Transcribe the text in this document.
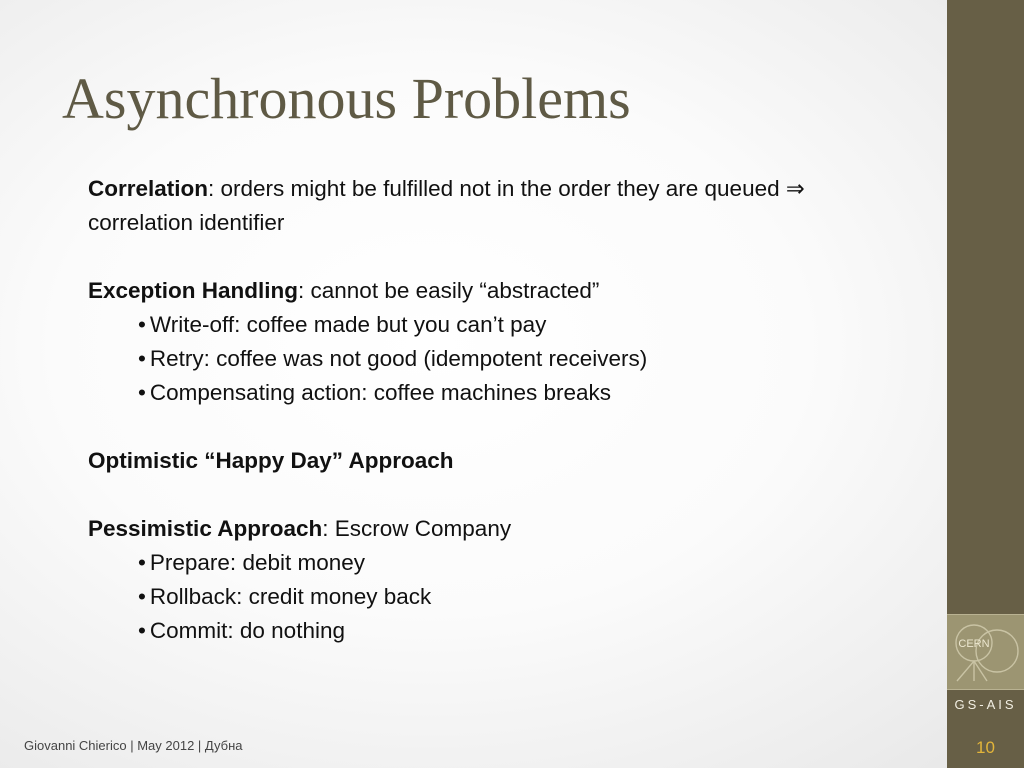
Asynchronous Problems

Correlation: orders might be fulfilled not in the order they are queued ⇒ correlation identifier

Exception Handling: cannot be easily “abstracted”

• Write-off: coffee made but you can’t pay
• Retry: coffee was not good (idempotent receivers)
• Compensating action: coffee machines breaks

Optimistic “Happy Day” Approach

Pessimistic Approach: Escrow Company

• Prepare: debit money
• Rollback: credit money back
• Commit: do nothing
CERN
GS-AIS
10
Giovanni Chierico | May 2012 | Дубна
